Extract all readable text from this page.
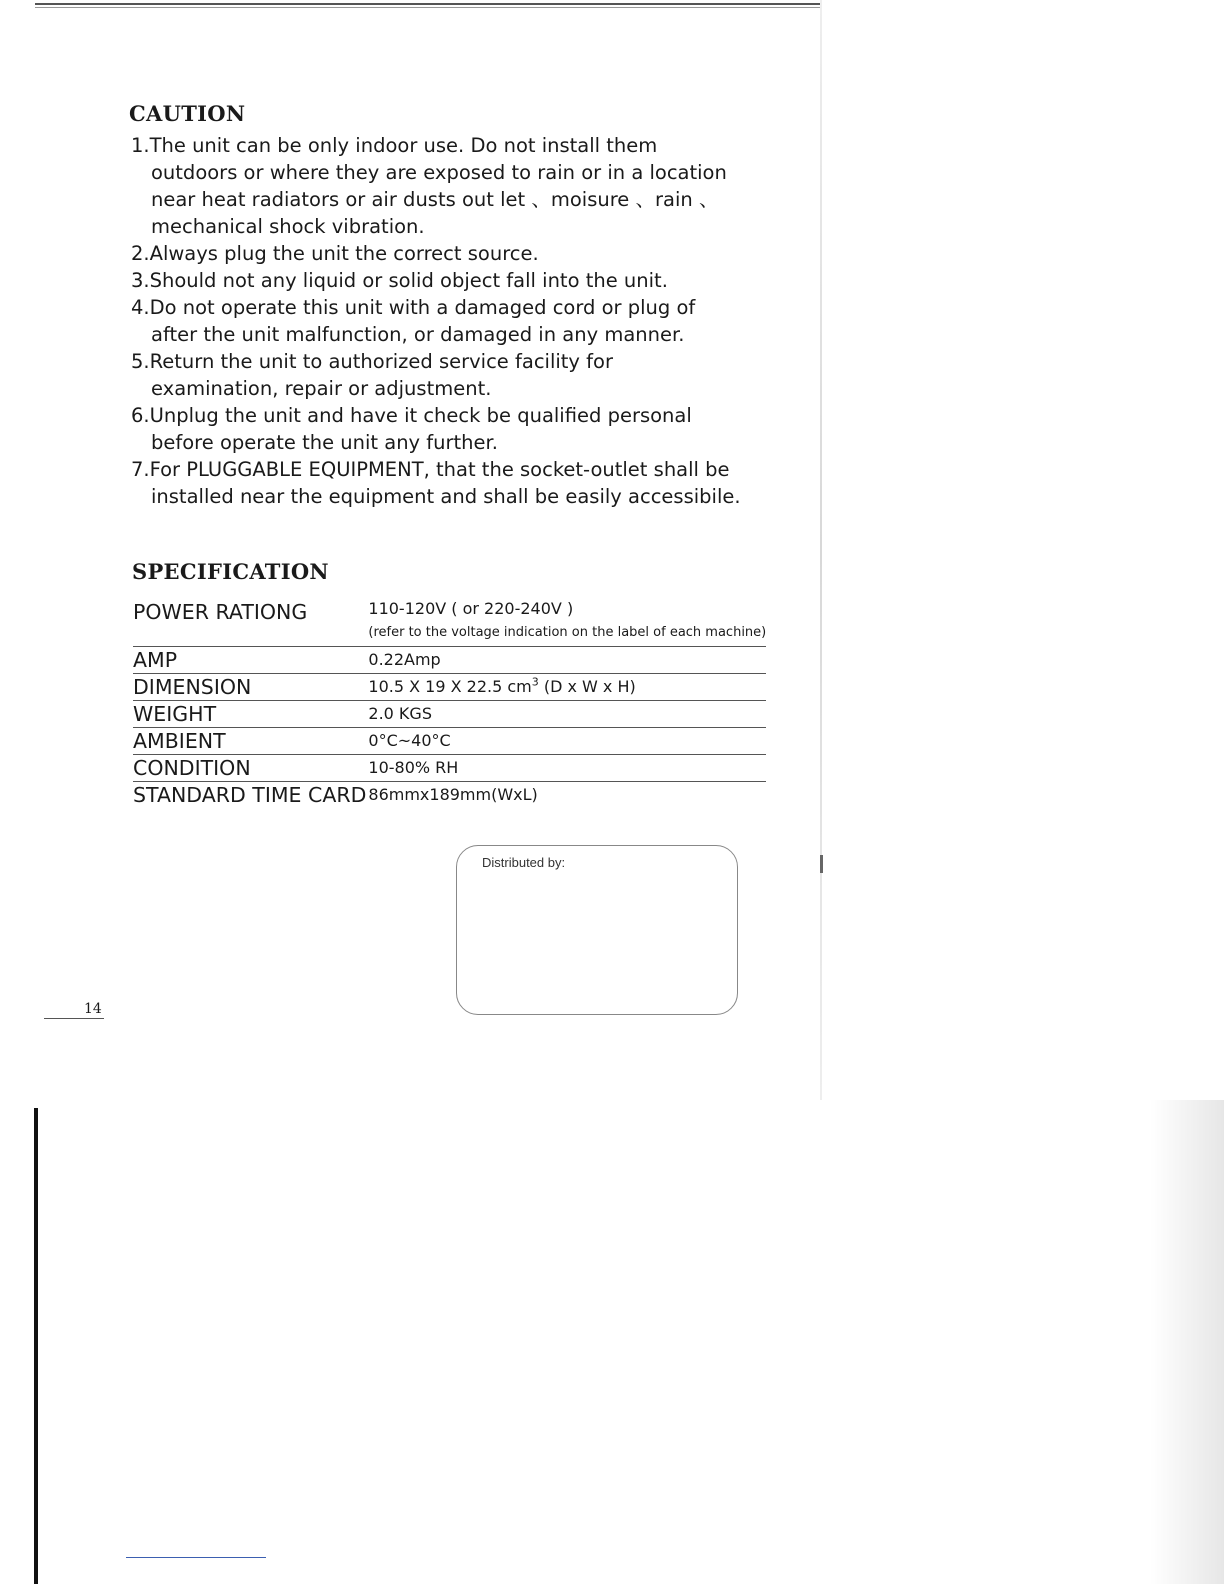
CAUTION
1.The unit can be only indoor use. Do not install them outdoors or where they are exposed to rain or in a location near heat radiators or air dusts out let 、moisure 、rain 、mechanical shock vibration.
2.Always plug the unit the correct source.
3.Should not any liquid or solid object fall into the unit.
4.Do not operate this unit with a damaged cord or plug of after the unit malfunction, or damaged in any manner.
5.Return the unit to authorized service facility for examination, repair or adjustment.
6.Unplug the unit and have it check be qualified personal before operate the unit any further.
7.For PLUGGABLE EQUIPMENT, that the socket-outlet shall be installed near the equipment and shall be easily accessibile.
SPECIFICATION
POWER RATIONG	110-120V ( or 220-240V )
(refer to the voltage indication on the label of each machine)

AMP	0.22Amp
DIMENSION	10.5 X 19 X 22.5 $cm^3$ (D x W x H)
WEIGHT	2.0 KGS
AMBIENT	0°C~40°C
CONDITION	10-80% RH
STANDARD TIME CARD	86mmx189mm(WxL)
Distributed by:
14
